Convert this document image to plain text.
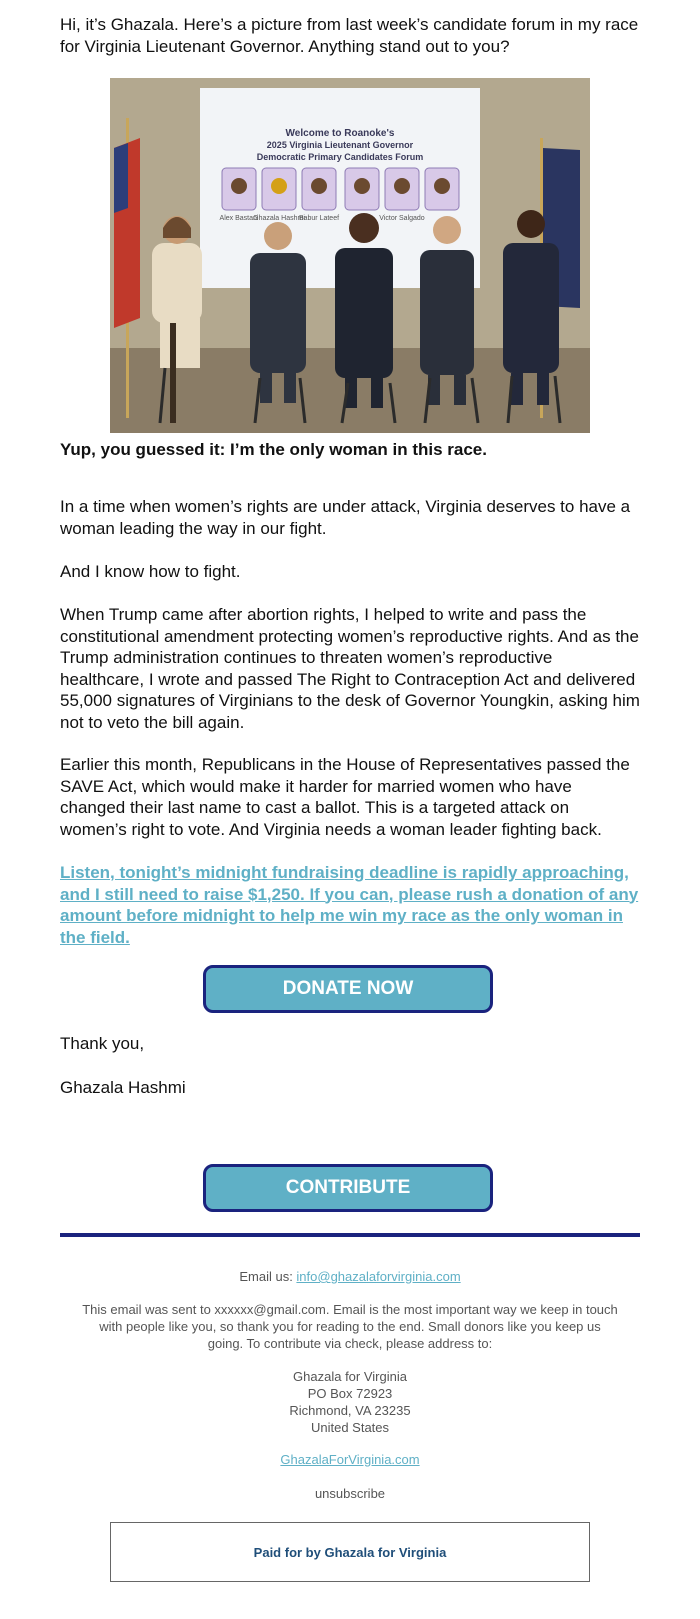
Hi, it’s Ghazala. Here’s a picture from last week’s candidate forum in my race for Virginia Lieutenant Governor. Anything stand out to you?

Welcome to Roanoke's
2025 Virginia Lieutenant Governor
Democratic Primary Candidates Forum
Alex Bastani
Ghazala Hashmi
Babur Lateef	Victor Salgado

Yup, you guessed it: I’m the only woman in this race.

In a time when women’s rights are under attack, Virginia deserves to have a woman leading the way in our fight.

And I know how to fight.

When Trump came after abortion rights, I helped to write and pass the constitutional amendment protecting women’s reproductive rights. And as the Trump administration continues to threaten women’s reproductive healthcare, I wrote and passed The Right to Contraception Act and delivered 55,000 signatures of Virginians to the desk of Governor Youngkin, asking him not to veto the bill again.

Earlier this month, Republicans in the House of Representatives passed the SAVE Act, which would make it harder for married women who have changed their last name to cast a ballot. This is a targeted attack on women’s right to vote. And Virginia needs a woman leader fighting back.

Listen, tonight’s midnight fundraising deadline is rapidly approaching, and I still need to raise $1,250. If you can, please rush a donation of any amount before midnight to help me win my race as the only woman in the field.
DONATE NOW

Thank you,

Ghazala Hashmi

CONTRIBUTE
Email us: info@ghazalaforvirginia.com
This email was sent to xxxxxx@gmail.com. Email is the most important way we keep in touch with people like you, so thank you for reading to the end. Small donors like you keep us going. To contribute via check, please address to:
Ghazala for Virginia
PO Box 72923
Richmond, VA 23235
United States
GhazalaForVirginia.com
unsubscribe
Paid for by Ghazala for Virginia
